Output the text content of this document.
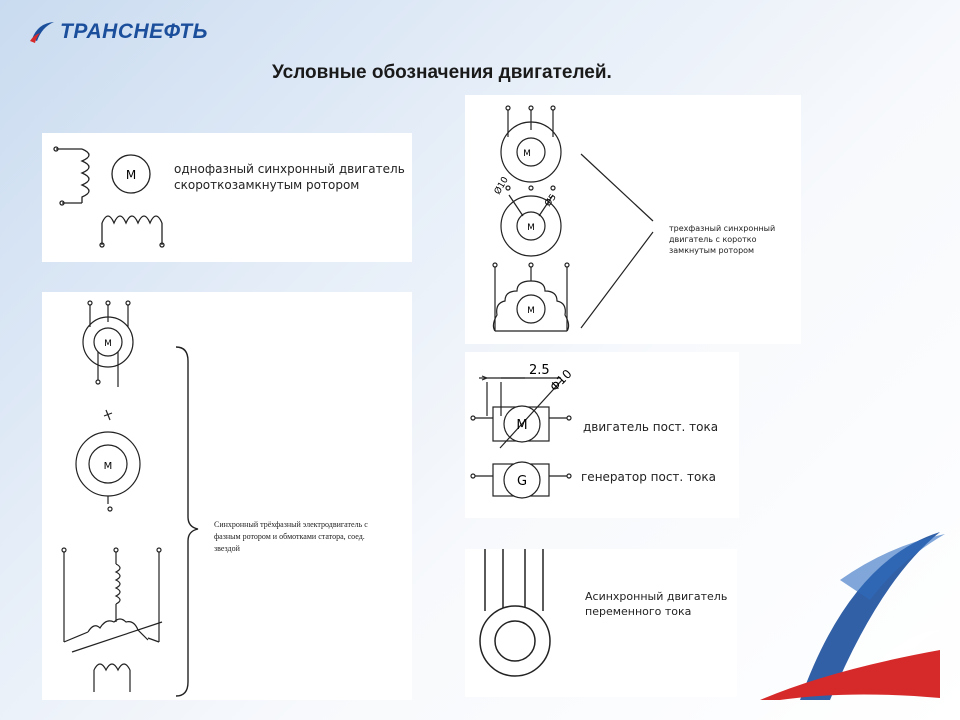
ТРАНСНЕФТЬ
Условные обозначения двигателей.
M	однофазный синхронный двигатель
скороткозамкнутым ротором
M
M
Синхронный трёхфазный электродвигатель с
фазным ротором и обмотками статора, соед.
звездой
M
M
M
Ø10
Ø5
трехфазный синхронный
двигатель с коротко
замкнутым ротором
2.5
Φ10
M
G
двигатель пост. тока
генератор пост. тока
Асинхронный двигатель
переменного тока
